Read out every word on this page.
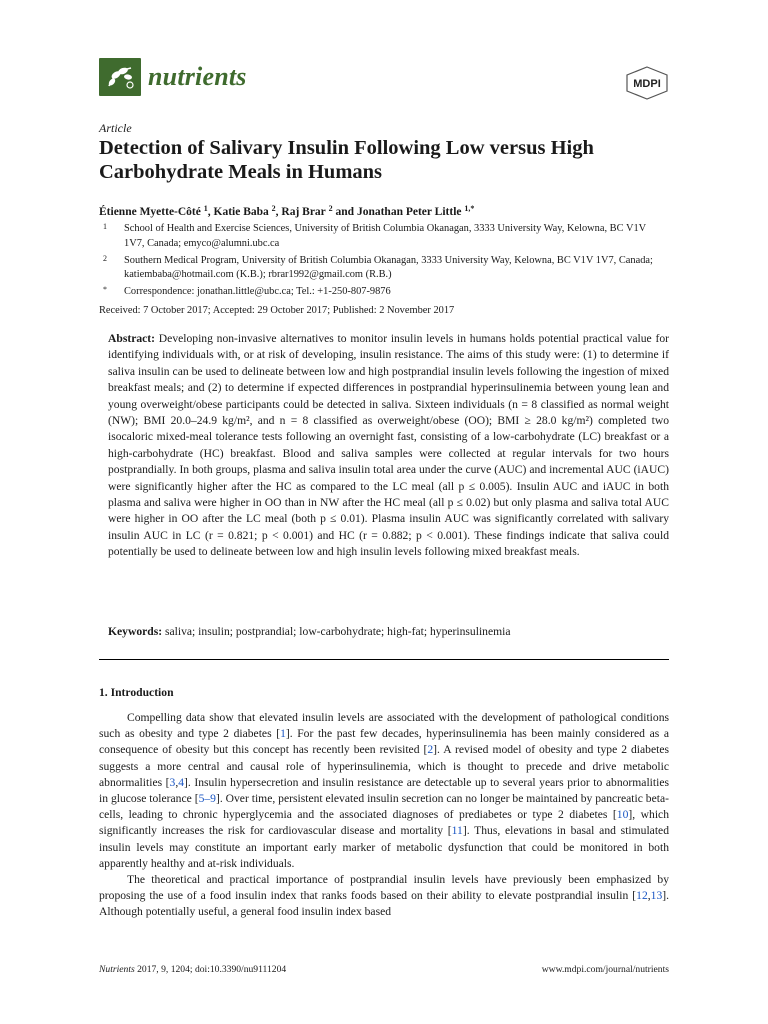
nutrients	MDPI
Article
Detection of Salivary Insulin Following Low versus High Carbohydrate Meals in Humans
Étienne Myette-Côté $^1$, Katie Baba $^2$, Raj Brar $^2$ and Jonathan Peter Little $^{1,*}$
1 School of Health and Exercise Sciences, University of British Columbia Okanagan, 3333 University Way, Kelowna, BC V1V 1V7, Canada; emyco@alumni.ubc.ca
2 Southern Medical Program, University of British Columbia Okanagan, 3333 University Way, Kelowna, BC V1V 1V7, Canada; katiembaba@hotmail.com (K.B.); rbrar1992@gmail.com (R.B.)
* Correspondence: jonathan.little@ubc.ca; Tel.: +1-250-807-9876
Received: 7 October 2017; Accepted: 29 October 2017; Published: 2 November 2017
Abstract: Developing non-invasive alternatives to monitor insulin levels in humans holds potential practical value for identifying individuals with, or at risk of developing, insulin resistance. The aims of this study were: (1) to determine if saliva insulin can be used to delineate between low and high postprandial insulin levels following the ingestion of mixed breakfast meals; and (2) to determine if expected differences in postprandial hyperinsulinemia between young lean and young overweight/obese participants could be detected in saliva. Sixteen individuals (n = 8 classified as normal weight (NW); BMI 20.0–24.9 kg/m², and n = 8 classified as overweight/obese (OO); BMI ≥ 28.0 kg/m²) completed two isocaloric mixed-meal tolerance tests following an overnight fast, consisting of a low-carbohydrate (LC) breakfast or a high-carbohydrate (HC) breakfast. Blood and saliva samples were collected at regular intervals for two hours postprandially. In both groups, plasma and saliva insulin total area under the curve (AUC) and incremental AUC (iAUC) were significantly higher after the HC as compared to the LC meal (all p ≤ 0.005). Insulin AUC and iAUC in both plasma and saliva were higher in OO than in NW after the HC meal (all p ≤ 0.02) but only plasma and saliva total AUC were higher in OO after the LC meal (both p ≤ 0.01). Plasma insulin AUC was significantly correlated with salivary insulin AUC in LC (r = 0.821; p < 0.001) and HC (r = 0.882; p < 0.001). These findings indicate that saliva could potentially be used to delineate between low and high insulin levels following mixed breakfast meals.
Keywords: saliva; insulin; postprandial; low-carbohydrate; high-fat; hyperinsulinemia
1. Introduction

Compelling data show that elevated insulin levels are associated with the development of pathological conditions such as obesity and type 2 diabetes [1]. For the past few decades, hyperinsulinemia has been mainly considered as a consequence of obesity but this concept has recently been revisited [2]. A revised model of obesity and type 2 diabetes suggests a more central and causal role of hyperinsulinemia, which is thought to precede and drive metabolic abnormalities [3,4]. Insulin hypersecretion and insulin resistance are detectable up to several years prior to abnormalities in glucose tolerance [5–9]. Over time, persistent elevated insulin secretion can no longer be maintained by pancreatic beta-cells, leading to chronic hyperglycemia and the associated diagnoses of prediabetes or type 2 diabetes [10], which significantly increases the risk for cardiovascular disease and mortality [11]. Thus, elevations in basal and stimulated insulin levels may constitute an important early marker of metabolic dysfunction that could be monitored in both apparently healthy and at-risk individuals.

The theoretical and practical importance of postprandial insulin levels have previously been emphasized by proposing the use of a food insulin index that ranks foods based on their ability to elevate postprandial insulin [12,13]. Although potentially useful, a general food insulin index based

Nutrients 2017, 9, 1204; doi:10.3390/nu9111204	www.mdpi.com/journal/nutrients
